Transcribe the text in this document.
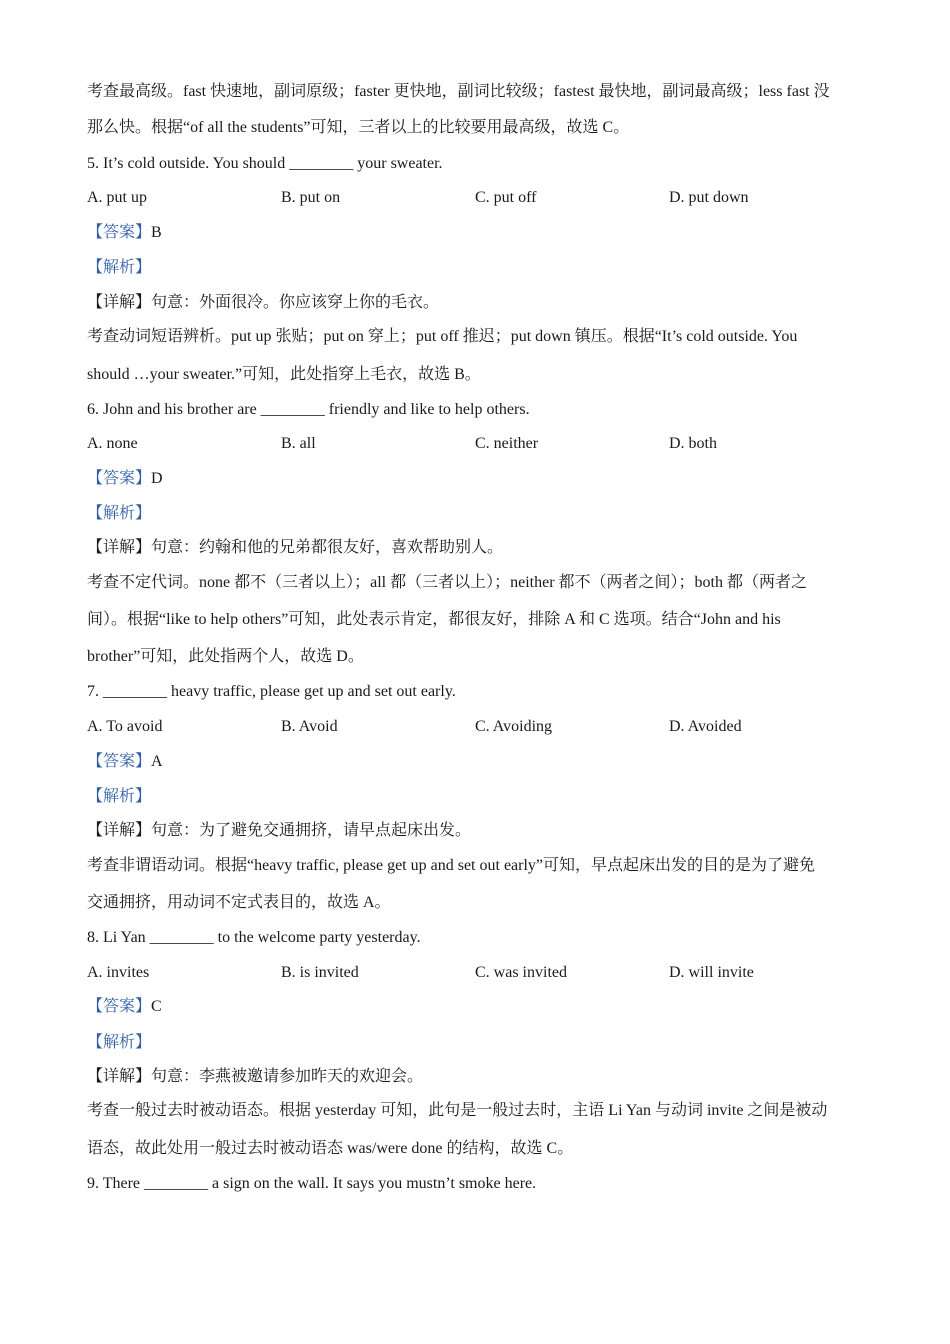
考查最高级。fast 快速地，副词原级；faster 更快地，副词比较级；fastest 最快地，副词最高级；less fast 没
那么快。根据“of all the students”可知，三者以上的比较要用最高级，故选 C。
5. It’s cold outside. You should ________ your sweater.
A. put up	B. put on	C. put off	D. put down
【答案】B
【解析】
【详解】句意：外面很冷。你应该穿上你的毛衣。
考查动词短语辨析。put up 张贴；put on 穿上；put off 推迟；put down 镇压。根据“It’s cold outside. You
should …your sweater.”可知，此处指穿上毛衣，故选 B。
6. John and his brother are ________ friendly and like to help others.
A. none	B. all	C. neither	D. both
【答案】D
【解析】
【详解】句意：约翰和他的兄弟都很友好，喜欢帮助别人。
考查不定代词。none 都不（三者以上）；all 都（三者以上）；neither 都不（两者之间）；both 都（两者之
间）。根据“like to help others”可知，此处表示肯定，都很友好，排除 A 和 C 选项。结合“John and his
brother”可知，此处指两个人，故选 D。
7. ________ heavy traffic, please get up and set out early.
A. To avoid	B. Avoid	C. Avoiding	D. Avoided
【答案】A
【解析】
【详解】句意：为了避免交通拥挤，请早点起床出发。
考查非谓语动词。根据“heavy traffic, please get up and set out early”可知，早点起床出发的目的是为了避免
交通拥挤，用动词不定式表目的，故选 A。
8. Li Yan ________ to the welcome party yesterday.
A. invites	B. is invited	C. was invited	D. will invite
【答案】C
【解析】
【详解】句意：李燕被邀请参加昨天的欢迎会。
考查一般过去时被动语态。根据 yesterday 可知，此句是一般过去时，主语 Li Yan 与动词 invite 之间是被动
语态，故此处用一般过去时被动语态 was/were done 的结构，故选 C。
9. There ________ a sign on the wall. It says you mustn’t smoke here.
